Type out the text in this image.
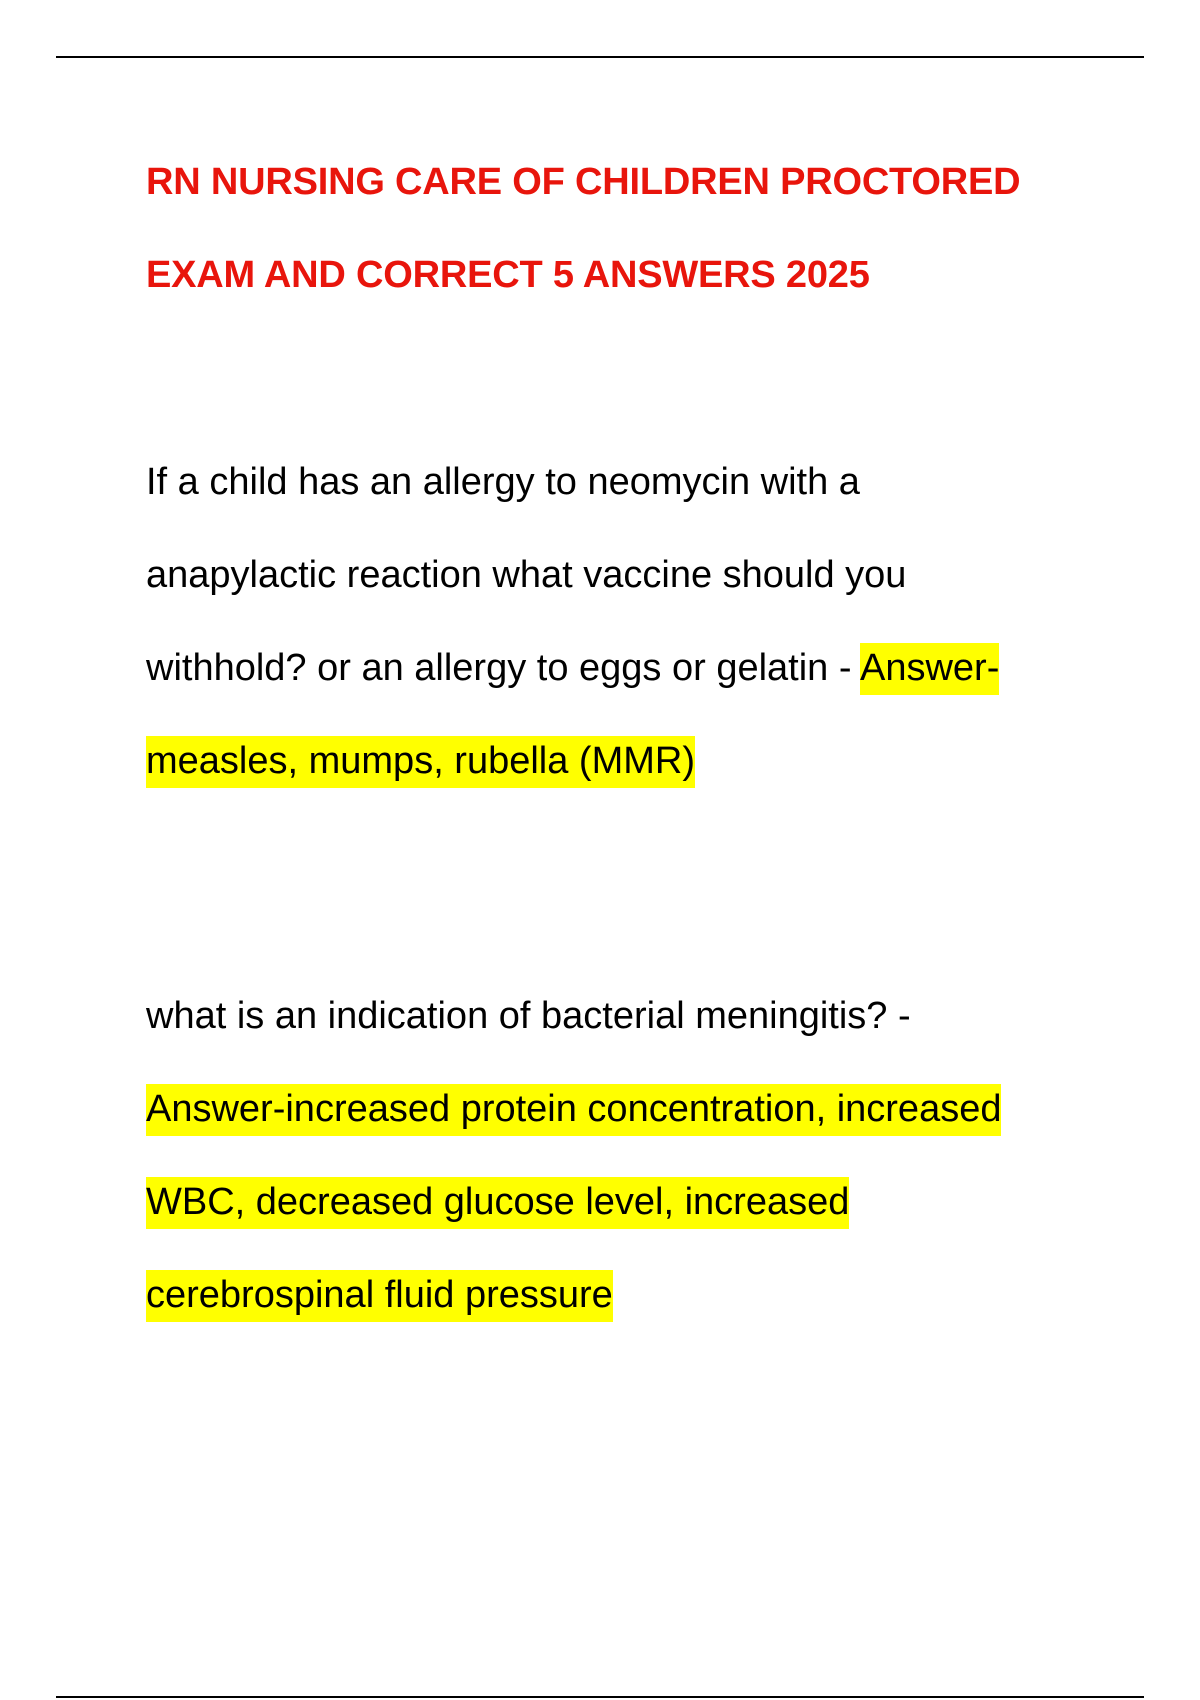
RN NURSING CARE OF CHILDREN PROCTORED
EXAM AND CORRECT 5 ANSWERS 2025
If a child has an allergy to neomycin with a
anapylactic reaction what vaccine should you
withhold? or an allergy to eggs or gelatin - Answer-
measles, mumps, rubella (MMR)
what is an indication of bacterial meningitis? -
Answer-increased protein concentration, increased
WBC, decreased glucose level, increased
cerebrospinal fluid pressure
